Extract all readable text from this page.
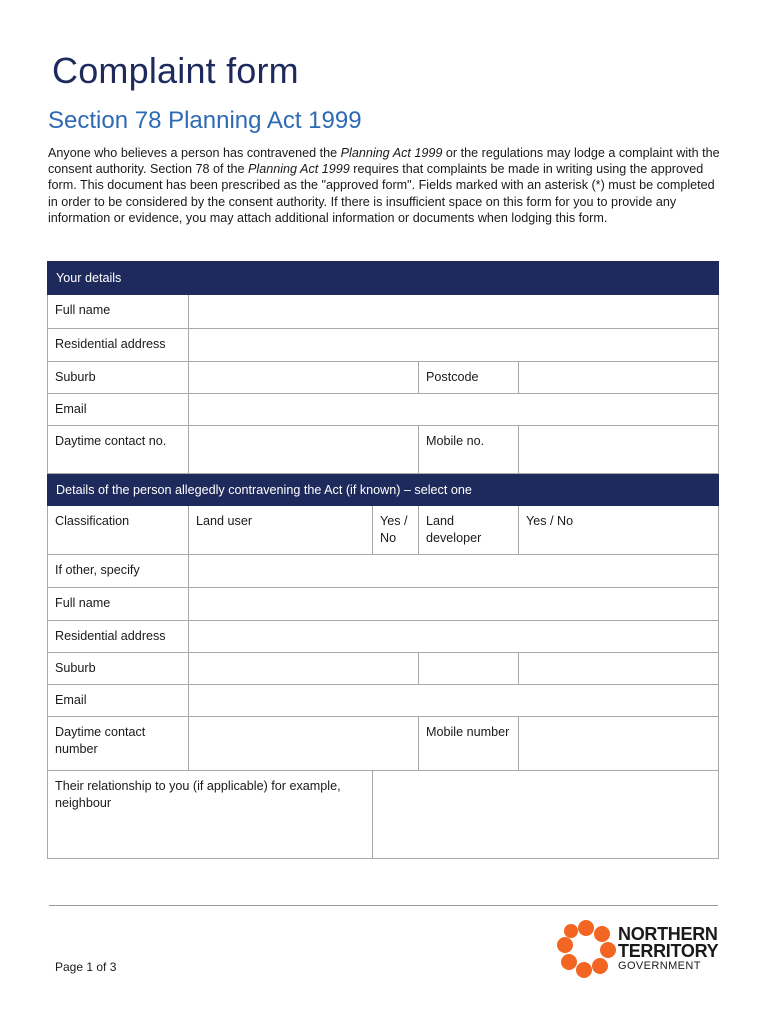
Complaint form
Section 78 Planning Act 1999

Anyone who believes a person has contravened the Planning Act 1999 or the regulations may lodge a complaint with the consent authority. Section 78 of the Planning Act 1999 requires that complaints be made in writing using the approved form. This document has been prescribed as the "approved form". Fields marked with an asterisk (*) must be completed in order to be considered by the consent authority. If there is insufficient space on this form for you to provide any information or evidence, you may attach additional information or documents when lodging this form.

Your details				
Full name				
Residential address				
Suburb			Postcode	
Email				
Daytime contact no.			Mobile no.	
Details of the person allegedly contravening the Act (if known) – select one				
Classification	Land user	Yes / No	Land developer	Yes / No
If other, specify				
Full name				
Residential address				
Suburb				
Email				
Daytime contact number			Mobile number	
Their relationship to you (if applicable) for example, neighbour				
Page 1 of 3
NORTHERN
TERRITORY
GOVERNMENT
